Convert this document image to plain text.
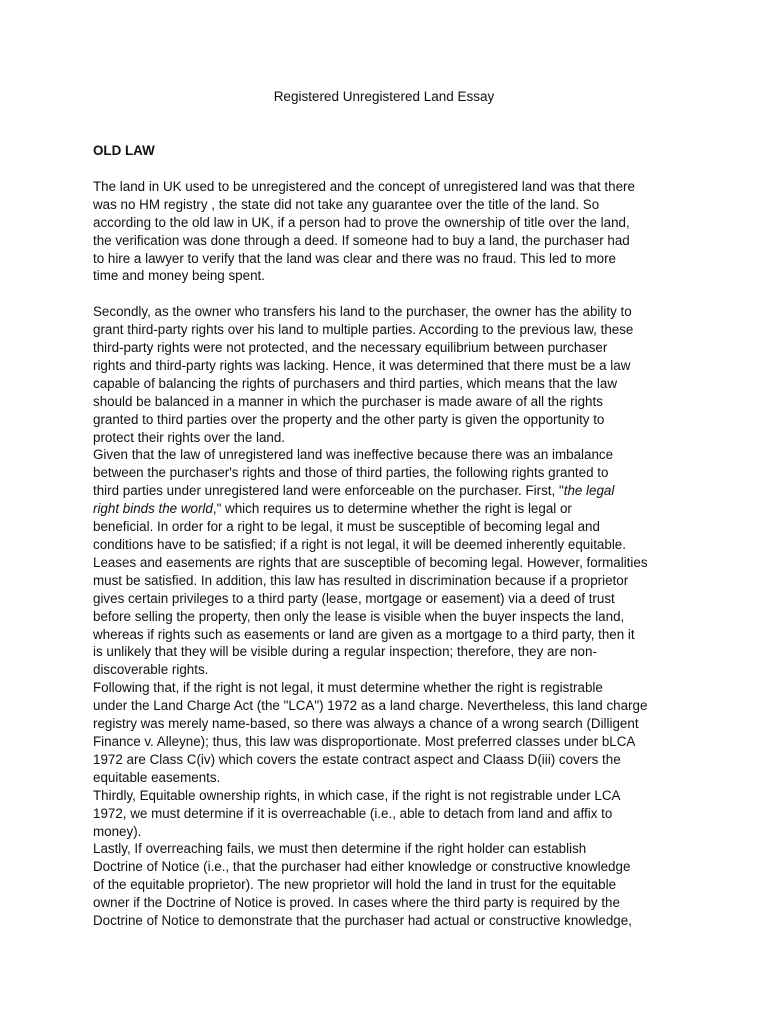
Registered Unregistered Land Essay
OLD LAW

The land in UK used to be unregistered and the concept of unregistered land was that there
was no HM registry , the state did not take any guarantee over the title of the land. So
according to the old law in UK, if a person had to prove the ownership of title over the land,
the verification was done through a deed. If someone had to buy a land, the purchaser had
to hire a lawyer to verify that the land was clear and there was no fraud. This led to more
time and money being spent.

Secondly, as the owner who transfers his land to the purchaser, the owner has the ability to
grant third-party rights over his land to multiple parties. According to the previous law, these
third-party rights were not protected, and the necessary equilibrium between purchaser
rights and third-party rights was lacking. Hence, it was determined that there must be a law
capable of balancing the rights of purchasers and third parties, which means that the law
should be balanced in a manner in which the purchaser is made aware of all the rights
granted to third parties over the property and the other party is given the opportunity to
protect their rights over the land.

Given that the law of unregistered land was ineffective because there was an imbalance
between the purchaser's rights and those of third parties, the following rights granted to
third parties under unregistered land were enforceable on the purchaser. First, "the legal
right binds the world," which requires us to determine whether the right is legal or
beneficial. In order for a right to be legal, it must be susceptible of becoming legal and
conditions have to be satisfied; if a right is not legal, it will be deemed inherently equitable.
Leases and easements are rights that are susceptible of becoming legal. However, formalities
must be satisfied. In addition, this law has resulted in discrimination because if a proprietor
gives certain privileges to a third party (lease, mortgage or easement) via a deed of trust
before selling the property, then only the lease is visible when the buyer inspects the land,
whereas if rights such as easements or land are given as a mortgage to a third party, then it
is unlikely that they will be visible during a regular inspection; therefore, they are non-
discoverable rights.

Following that, if the right is not legal, it must determine whether the right is registrable
under the Land Charge Act (the "LCA") 1972 as a land charge. Nevertheless, this land charge
registry was merely name-based, so there was always a chance of a wrong search (Dilligent
Finance v. Alleyne); thus, this law was disproportionate. Most preferred classes under bLCA
1972 are Class C(iv) which covers the estate contract aspect and Claass D(iii) covers the
equitable easements.

Thirdly, Equitable ownership rights, in which case, if the right is not registrable under LCA
1972, we must determine if it is overreachable (i.e., able to detach from land and affix to
money).

Lastly, If overreaching fails, we must then determine if the right holder can establish
Doctrine of Notice (i.e., that the purchaser had either knowledge or constructive knowledge
of the equitable proprietor). The new proprietor will hold the land in trust for the equitable
owner if the Doctrine of Notice is proved. In cases where the third party is required by the
Doctrine of Notice to demonstrate that the purchaser had actual or constructive knowledge,
